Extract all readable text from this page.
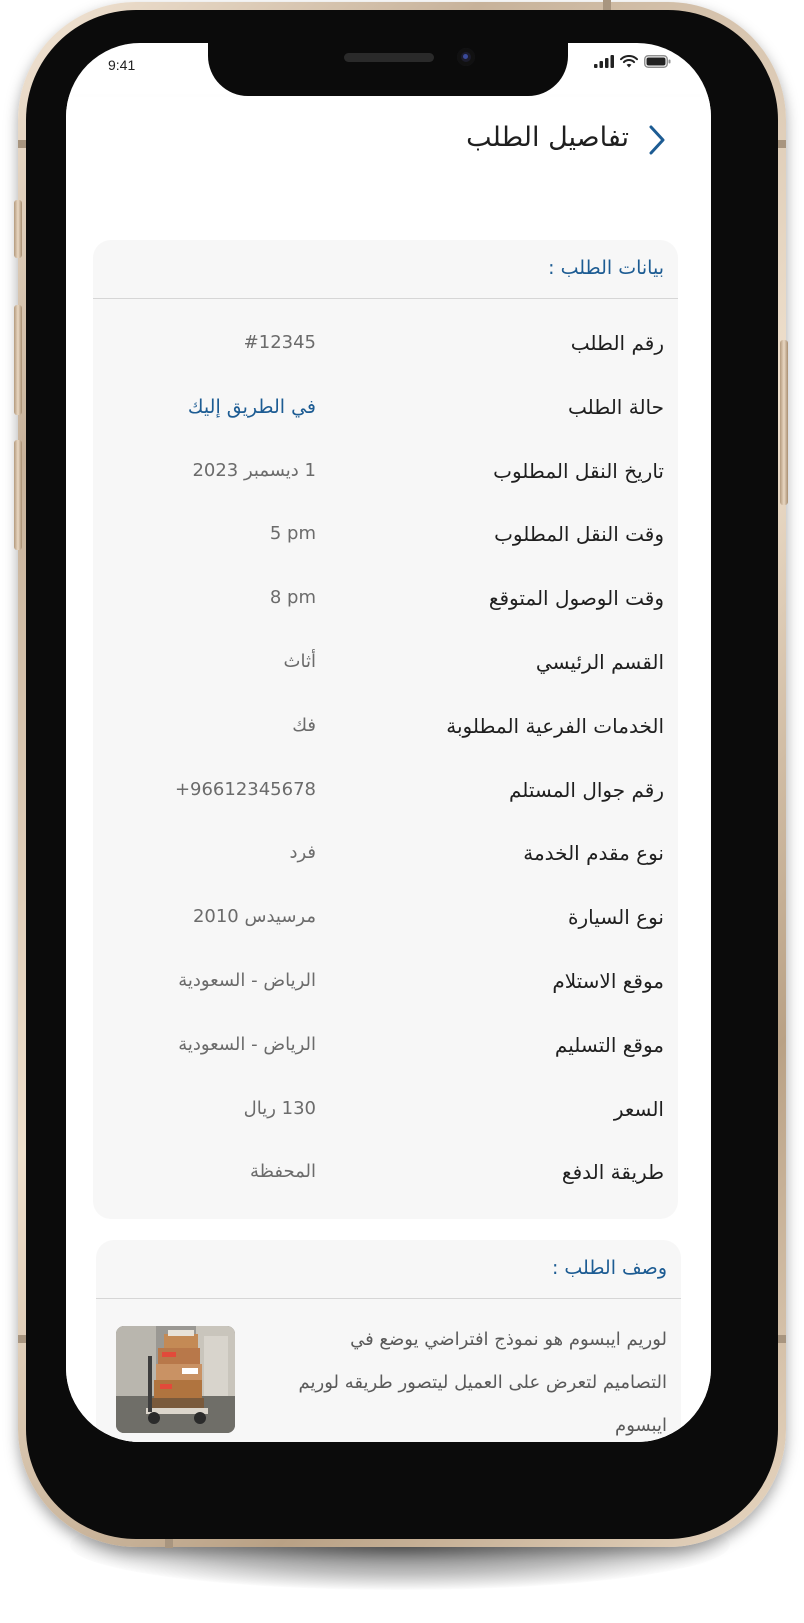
9:41
تفاصيل الطلب
بيانات الطلب :
رقم الطلب
#12345
حالة الطلب
في الطريق إليك
تاريخ النقل المطلوب
1 ديسمبر 2023
وقت النقل المطلوب
5 pm
وقت الوصول المتوقع
8 pm
القسم الرئيسي
أثاث
الخدمات الفرعية المطلوبة
فك
رقم جوال المستلم
+96612345678
نوع مقدم الخدمة
فرد
نوع السيارة
مرسيدس 2010
موقع الاستلام
الرياض - السعودية
موقع التسليم
الرياض - السعودية
السعر
130 ريال
طريقة الدفع
المحفظة
وصف الطلب :
لوريم ايبسوم هو نموذج افتراضي يوضع في التصاميم لتعرض على العميل ليتصور طريقه لوريم ايبسوم
